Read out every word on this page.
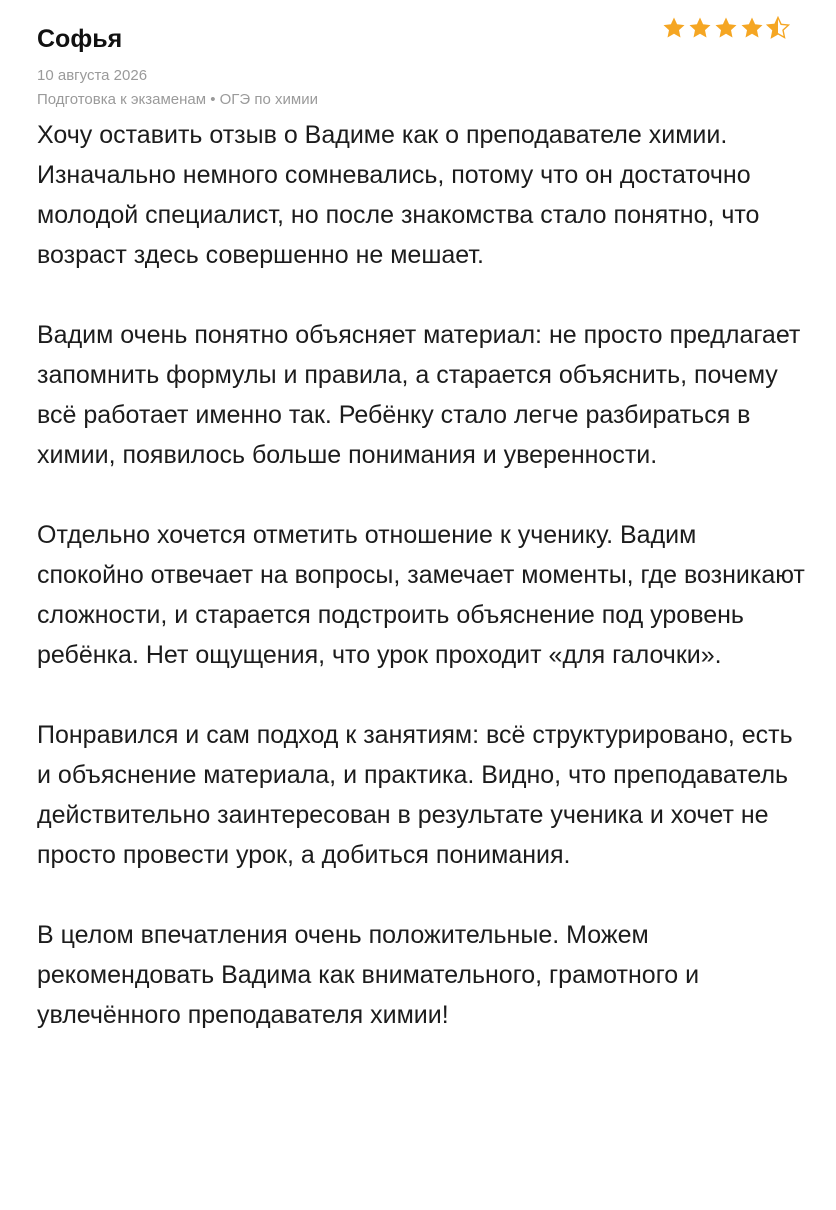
Софья
10 августа 2026
Подготовка к экзаменам • ОГЭ по химии

Хочу оставить отзыв о Вадиме как о преподавателе химии. Изначально немного сомневались, потому что он достаточно молодой специалист, но после знакомства стало понятно, что возраст здесь совершенно не мешает.

Вадим очень понятно объясняет материал: не просто предлагает запомнить формулы и правила, а старается объяснить, почему всё работает именно так. Ребёнку стало легче разбираться в химии, появилось больше понимания и уверенности.

Отдельно хочется отметить отношение к ученику. Вадим спокойно отвечает на вопросы, замечает моменты, где возникают сложности, и старается подстроить объяснение под уровень ребёнка. Нет ощущения, что урок проходит «для галочки».

Понравился и сам подход к занятиям: всё структурировано, есть и объяснение материала, и практика. Видно, что преподаватель действительно заинтересован в результате ученика и хочет не просто провести урок, а добиться понимания.

В целом впечатления очень положительные. Можем рекомендовать Вадима как внимательного, грамотного и увлечённого преподавателя химии!
